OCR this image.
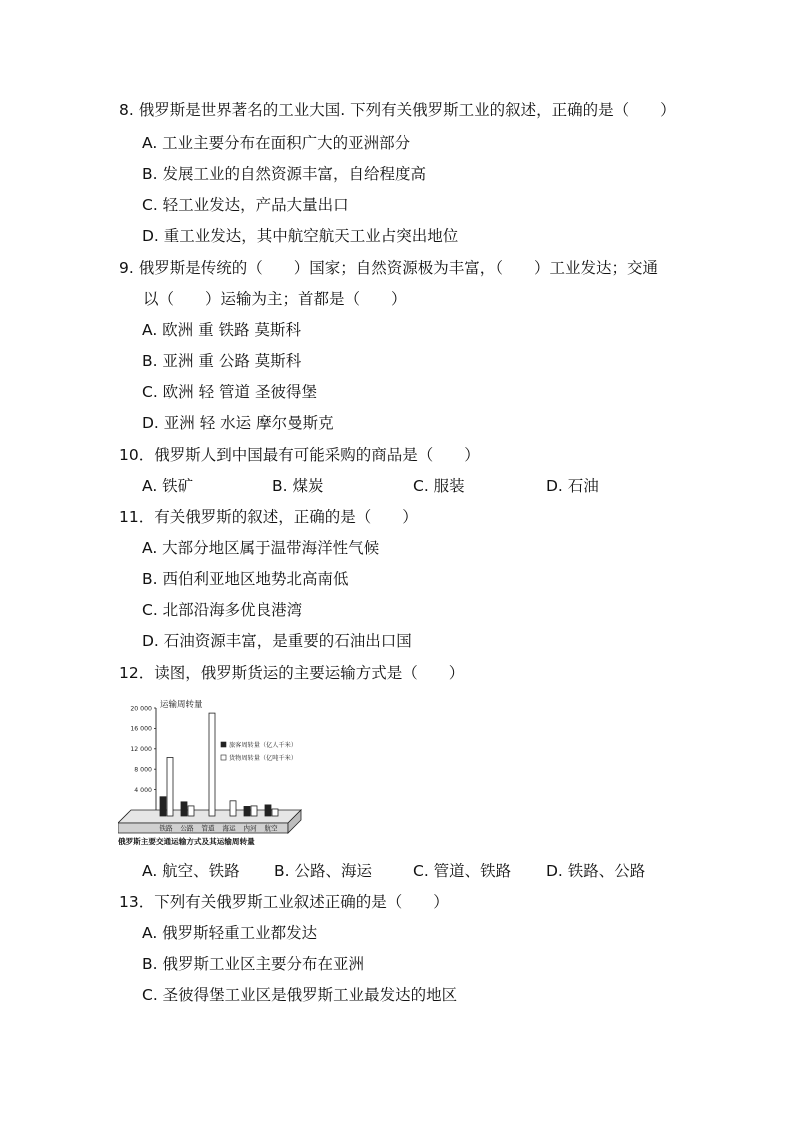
8. 俄罗斯是世界著名的工业大国. 下列有关俄罗斯工业的叙述，正确的是（　　）
A. 工业主要分布在面积广大的亚洲部分
B. 发展工业的自然资源丰富，自给程度高
C. 轻工业发达，产品大量出口
D. 重工业发达，其中航空航天工业占突出地位
9. 俄罗斯是传统的（　　）国家；自然资源极为丰富，（　　）工业发达；交通
以（　　）运输为主；首都是（　　）
A. 欧洲 重 铁路 莫斯科
B. 亚洲 重 公路 莫斯科
C. 欧洲 轻 管道 圣彼得堡
D. 亚洲 轻 水运 摩尔曼斯克
10．俄罗斯人到中国最有可能采购的商品是（　　）
A. 铁矿	B. 煤炭	C. 服装	D. 石油
11．有关俄罗斯的叙述，正确的是（　　）
A. 大部分地区属于温带海洋性气候
B. 西伯利亚地区地势北高南低
C. 北部沿海多优良港湾
D. 石油资源丰富，是重要的石油出口国
12．读图，俄罗斯货运的主要运输方式是（　　）
运输周转量
20 000
16 000
12 000
8 000
4 000
铁路 公路 管道 海运 内河 航空
旅客周转量（亿人千米）
货物周转量（亿吨千米）
俄罗斯主要交通运输方式及其运输周转量
A. 航空、铁路 B. 公路、海运	C. 管道、铁路 D. 铁路、公路
13．下列有关俄罗斯工业叙述正确的是（　　）
A. 俄罗斯轻重工业都发达
B. 俄罗斯工业区主要分布在亚洲
C. 圣彼得堡工业区是俄罗斯工业最发达的地区
